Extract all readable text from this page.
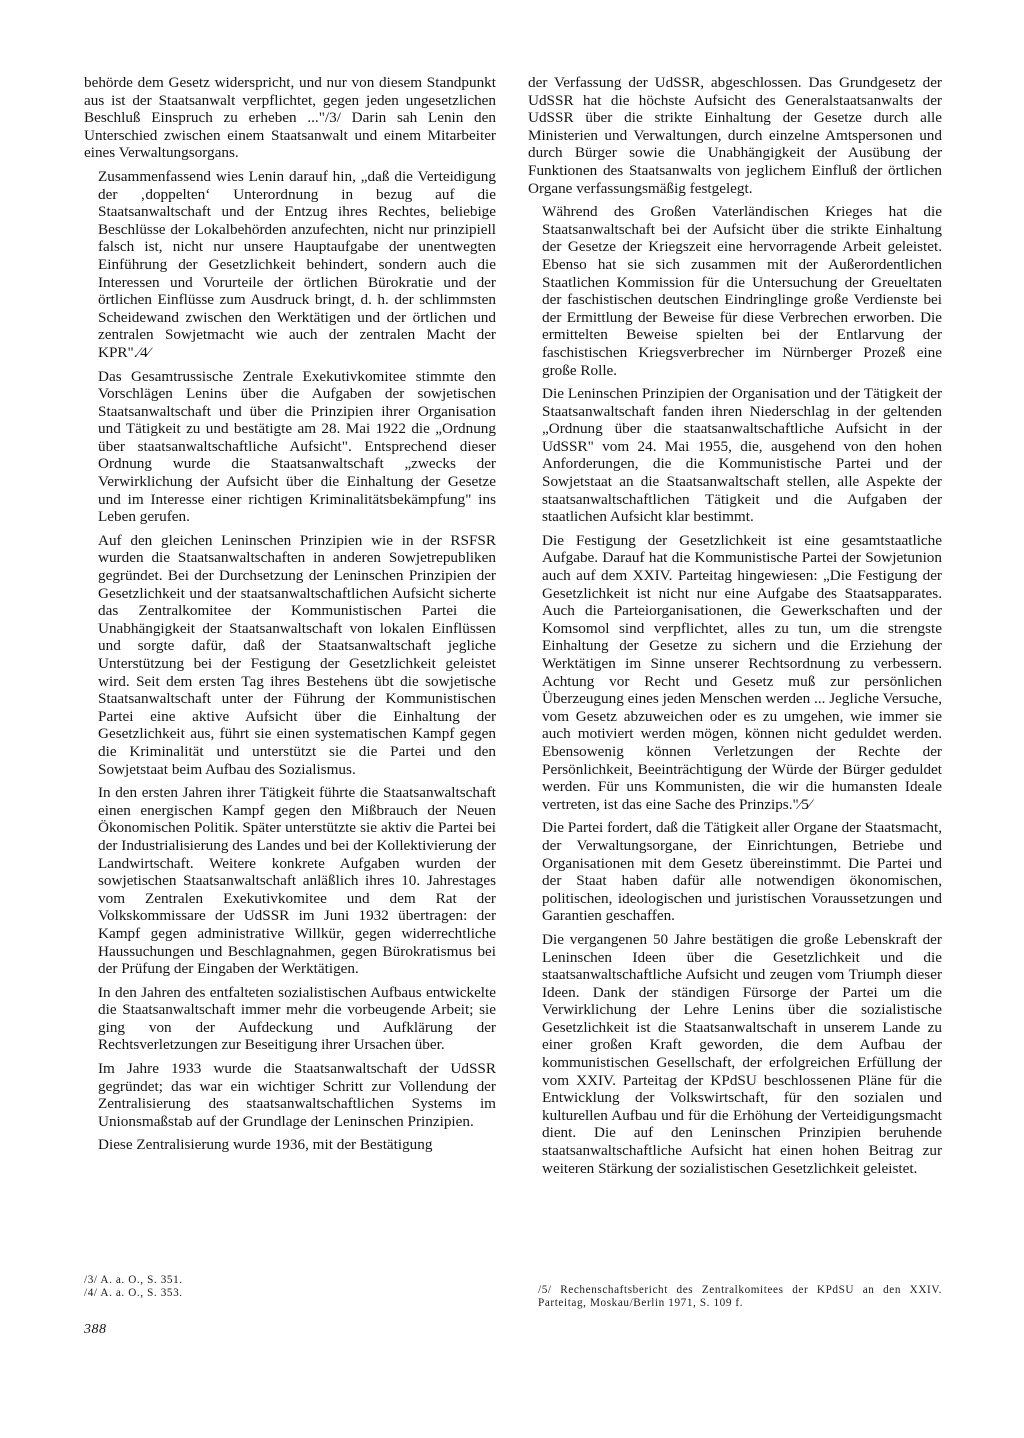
behörde dem Gesetz widerspricht, und nur von diesem Standpunkt aus ist der Staatsanwalt verpflichtet, gegen jeden ungesetzlichen Beschluß Einspruch zu erheben ..."/3/ Darin sah Lenin den Unterschied zwischen einem Staatsanwalt und einem Mitarbeiter eines Verwaltungsorgans.

Zusammenfassend wies Lenin darauf hin, „daß die Verteidigung der ‚doppelten‘ Unterordnung in bezug auf die Staatsanwaltschaft und der Entzug ihres Rechtes, beliebige Beschlüsse der Lokalbehörden anzufechten, nicht nur prinzipiell falsch ist, nicht nur unsere Hauptaufgabe der unentwegten Einführung der Gesetzlichkeit behindert, sondern auch die Interessen und Vorurteile der örtlichen Bürokratie und der örtlichen Einflüsse zum Ausdruck bringt, d. h. der schlimmsten Scheidewand zwischen den Werktätigen und der örtlichen und zentralen Sowjetmacht wie auch der zentralen Macht der KPR".⁄4⁄

Das Gesamtrussische Zentrale Exekutivkomitee stimmte den Vorschlägen Lenins über die Aufgaben der sowjetischen Staatsanwaltschaft und über die Prinzipien ihrer Organisation und Tätigkeit zu und bestätigte am 28. Mai 1922 die „Ordnung über staatsanwaltschaftliche Aufsicht". Entsprechend dieser Ordnung wurde die Staatsanwaltschaft „zwecks der Verwirklichung der Aufsicht über die Einhaltung der Gesetze und im Interesse einer richtigen Kriminalitätsbekämpfung" ins Leben gerufen.

Auf den gleichen Leninschen Prinzipien wie in der RSFSR wurden die Staatsanwaltschaften in anderen Sowjetrepubliken gegründet. Bei der Durchsetzung der Leninschen Prinzipien der Gesetzlichkeit und der staatsanwaltschaftlichen Aufsicht sicherte das Zentralkomitee der Kommunistischen Partei die Unabhängigkeit der Staatsanwaltschaft von lokalen Einflüssen und sorgte dafür, daß der Staatsanwaltschaft jegliche Unterstützung bei der Festigung der Gesetzlichkeit geleistet wird. Seit dem ersten Tag ihres Bestehens übt die sowjetische Staatsanwaltschaft unter der Führung der Kommunistischen Partei eine aktive Aufsicht über die Einhaltung der Gesetzlichkeit aus, führt sie einen systematischen Kampf gegen die Kriminalität und unterstützt sie die Partei und den Sowjetstaat beim Aufbau des Sozialismus.

In den ersten Jahren ihrer Tätigkeit führte die Staatsanwaltschaft einen energischen Kampf gegen den Mißbrauch der Neuen Ökonomischen Politik. Später unterstützte sie aktiv die Partei bei der Industrialisierung des Landes und bei der Kollektivierung der Landwirtschaft. Weitere konkrete Aufgaben wurden der sowjetischen Staatsanwaltschaft anläßlich ihres 10. Jahrestages vom Zentralen Exekutivkomitee und dem Rat der Volkskommissare der UdSSR im Juni 1932 übertragen: der Kampf gegen administrative Willkür, gegen widerrechtliche Haussuchungen und Beschlagnahmen, gegen Bürokratismus bei der Prüfung der Eingaben der Werktätigen.

In den Jahren des entfalteten sozialistischen Aufbaus entwickelte die Staatsanwaltschaft immer mehr die vorbeugende Arbeit; sie ging von der Aufdeckung und Aufklärung der Rechtsverletzungen zur Beseitigung ihrer Ursachen über.

Im Jahre 1933 wurde die Staatsanwaltschaft der UdSSR gegründet; das war ein wichtiger Schritt zur Vollendung der Zentralisierung des staatsanwaltschaftlichen Systems im Unionsmaßstab auf der Grundlage der Leninschen Prinzipien.

Diese Zentralisierung wurde 1936, mit der Bestätigung

der Verfassung der UdSSR, abgeschlossen. Das Grundgesetz der UdSSR hat die höchste Aufsicht des Generalstaatsanwalts der UdSSR über die strikte Einhaltung der Gesetze durch alle Ministerien und Verwaltungen, durch einzelne Amtspersonen und durch Bürger sowie die Unabhängigkeit der Ausübung der Funktionen des Staatsanwalts von jeglichem Einfluß der örtlichen Organe verfassungsmäßig festgelegt.

Während des Großen Vaterländischen Krieges hat die Staatsanwaltschaft bei der Aufsicht über die strikte Einhaltung der Gesetze der Kriegszeit eine hervorragende Arbeit geleistet. Ebenso hat sie sich zusammen mit der Außerordentlichen Staatlichen Kommission für die Untersuchung der Greueltaten der faschistischen deutschen Eindringlinge große Verdienste bei der Ermittlung der Beweise für diese Verbrechen erworben. Die ermittelten Beweise spielten bei der Entlarvung der faschistischen Kriegsverbrecher im Nürnberger Prozeß eine große Rolle.

Die Leninschen Prinzipien der Organisation und der Tätigkeit der Staatsanwaltschaft fanden ihren Niederschlag in der geltenden „Ordnung über die staatsanwaltschaftliche Aufsicht in der UdSSR" vom 24. Mai 1955, die, ausgehend von den hohen Anforderungen, die die Kommunistische Partei und der Sowjetstaat an die Staatsanwaltschaft stellen, alle Aspekte der staatsanwaltschaftlichen Tätigkeit und die Aufgaben der staatlichen Aufsicht klar bestimmt.

Die Festigung der Gesetzlichkeit ist eine gesamtstaatliche Aufgabe. Darauf hat die Kommunistische Partei der Sowjetunion auch auf dem XXIV. Parteitag hingewiesen: „Die Festigung der Gesetzlichkeit ist nicht nur eine Aufgabe des Staatsapparates. Auch die Parteiorganisationen, die Gewerkschaften und der Komsomol sind verpflichtet, alles zu tun, um die strengste Einhaltung der Gesetze zu sichern und die Erziehung der Werktätigen im Sinne unserer Rechtsordnung zu verbessern. Achtung vor Recht und Gesetz muß zur persönlichen Überzeugung eines jeden Menschen werden ... Jegliche Versuche, vom Gesetz abzuweichen oder es zu umgehen, wie immer sie auch motiviert werden mögen, können nicht geduldet werden. Ebensowenig können Verletzungen der Rechte der Persönlichkeit, Beeinträchtigung der Würde der Bürger geduldet werden. Für uns Kommunisten, die wir die humansten Ideale vertreten, ist das eine Sache des Prinzips."⁄5⁄

Die Partei fordert, daß die Tätigkeit aller Organe der Staatsmacht, der Verwaltungsorgane, der Einrichtungen, Betriebe und Organisationen mit dem Gesetz übereinstimmt. Die Partei und der Staat haben dafür alle notwendigen ökonomischen, politischen, ideologischen und juristischen Voraussetzungen und Garantien geschaffen.

Die vergangenen 50 Jahre bestätigen die große Lebenskraft der Leninschen Ideen über die Gesetzlichkeit und die staatsanwaltschaftliche Aufsicht und zeugen vom Triumph dieser Ideen. Dank der ständigen Fürsorge der Partei um die Verwirklichung der Lehre Lenins über die sozialistische Gesetzlichkeit ist die Staatsanwaltschaft in unserem Lande zu einer großen Kraft geworden, die dem Aufbau der kommunistischen Gesellschaft, der erfolgreichen Erfüllung der vom XXIV. Parteitag der KPdSU beschlossenen Pläne für die Entwicklung der Volkswirtschaft, für den sozialen und kulturellen Aufbau und für die Erhöhung der Verteidigungsmacht dient. Die auf den Leninschen Prinzipien beruhende staatsanwaltschaftliche Aufsicht hat einen hohen Beitrag zur weiteren Stärkung der sozialistischen Gesetzlichkeit geleistet.

/3/ A. a. O., S. 351.

/4/ A. a. O., S. 353.	/5/ Rechenschaftsbericht des Zentralkomitees der KPdSU an den XXIV. Parteitag, Moskau/Berlin 1971, S. 109 f.

388
